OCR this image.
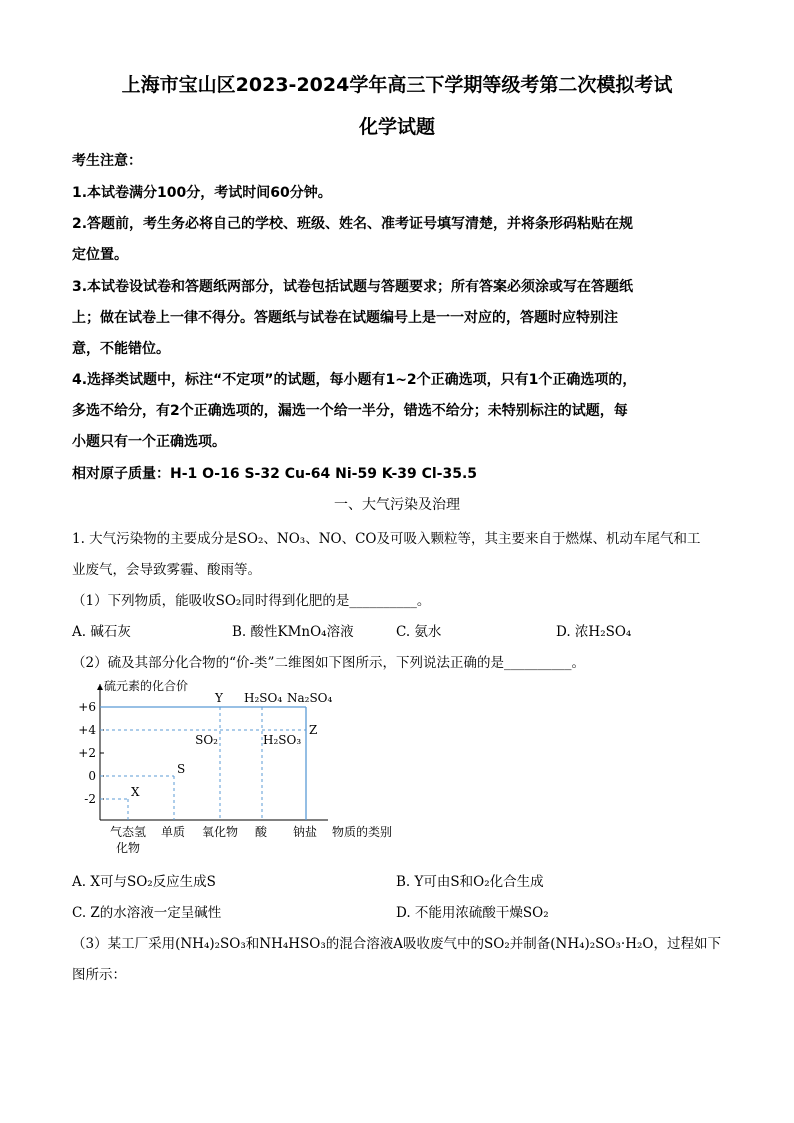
上海市宝山区2023-2024学年高三下学期等级考第二次模拟考试
化学试题
考生注意：
1.本试卷满分100分，考试时间60分钟。
2.答题前，考生务必将自己的学校、班级、姓名、准考证号填写清楚，并将条形码粘贴在规
定位置。
3.本试卷设试卷和答题纸两部分，试卷包括试题与答题要求；所有答案必须涂或写在答题纸
上；做在试卷上一律不得分。答题纸与试卷在试题编号上是一一对应的，答题时应特别注
意，不能错位。
4.选择类试题中，标注“不定项”的试题，每小题有1~2个正确选项，只有1个正确选项的，
多选不给分，有2个正确选项的，漏选一个给一半分，错选不给分；未特别标注的试题，每
小题只有一个正确选项。
相对原子质量：H-1 O-16 S-32 Cu-64 Ni-59 K-39 Cl-35.5
一、大气污染及治理
1. 大气污染物的主要成分是SO₂、NO₃、NO、CO及可吸入颗粒等，其主要来自于燃煤、机动车尾气和工
业废气，会导致雾霾、酸雨等。
（1）下列物质，能吸收SO₂同时得到化肥的是__________。
A. 碱石灰	B. 酸性KMnO₄溶液	C. 氨水	D. 浓H₂SO₄
（2）硫及其部分化合物的“价-类”二维图如下图所示，下列说法正确的是__________。
硫元素的化合价
物质的类别
+6
+4
+2
0
-2
气态氢
化物
单质 氧化物 酸 钠盐
X
S
SO₂
Y
H₂SO₃
H₂SO₄
Z
Na₂SO₄
A. X可与SO₂反应生成S	B. Y可由S和O₂化合生成
C. Z的水溶液一定呈碱性	D. 不能用浓硫酸干燥SO₂
（3）某工厂采用(NH₄)₂SO₃和NH₄HSO₃的混合溶液A吸收废气中的SO₂并制备(NH₄)₂SO₃·H₂O，过程如下
图所示：
